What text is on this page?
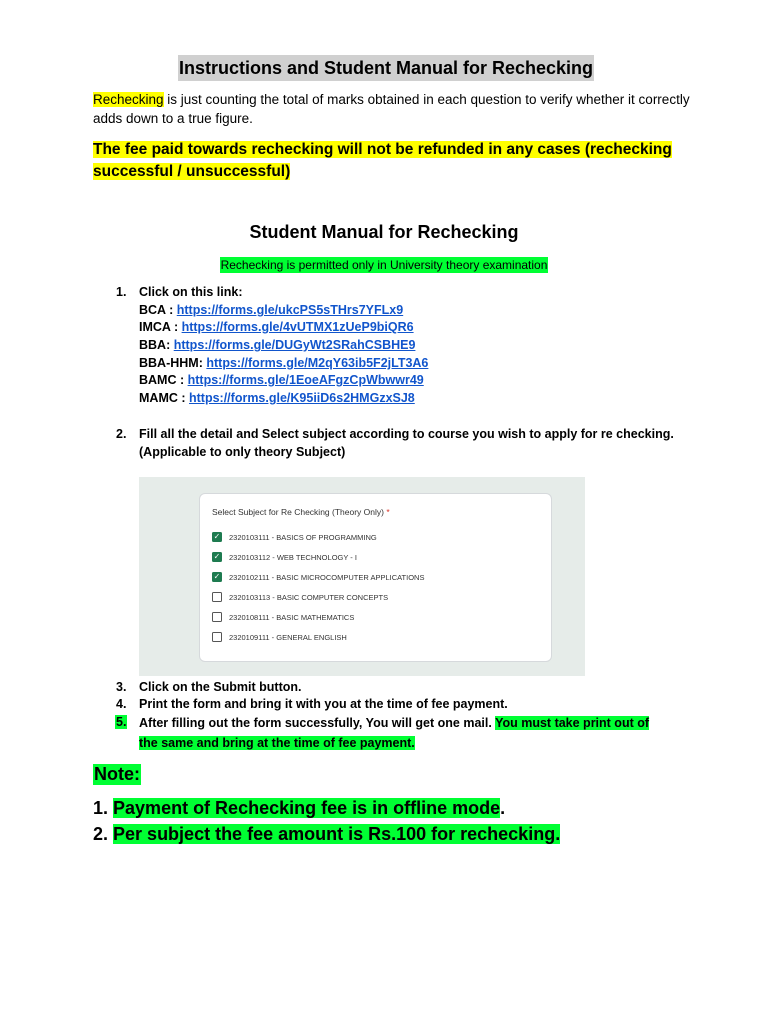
Instructions and Student Manual for Rechecking
Rechecking is just counting the total of marks obtained in each question to verify whether it correctly adds down to a true figure.
The fee paid towards rechecking will not be refunded in any cases (rechecking successful / unsuccessful)
Student Manual for Rechecking
Rechecking is permitted only in University theory examination
1. Click on this link:
BCA : https://forms.gle/ukcPS5sTHrs7YFLx9
IMCA : https://forms.gle/4vUTMX1zUeP9biQR6
BBA: https://forms.gle/DUGyWt2SRahCSBHE9
BBA-HHM: https://forms.gle/M2qY63ib5F2jLT3A6
BAMC : https://forms.gle/1EoeAFgzCpWbwwr49
MAMC : https://forms.gle/K95iiD6s2HMGzxSJ8
2. Fill all the detail and Select subject according to course you wish to apply for re checking.
(Applicable to only theory Subject)
Select Subject for Re Checking (Theory Only) *
✓ 2320103111 - BASICS OF PROGRAMMING
✓ 2320103112 - WEB TECHNOLOGY - I
✓ 2320102111 - BASIC MICROCOMPUTER APPLICATIONS
2320103113 - BASIC COMPUTER CONCEPTS
2320108111 - BASIC MATHEMATICS
2320109111 - GENERAL ENGLISH
3. Click on the Submit button.
4. Print the form and bring it with you at the time of fee payment.
5. After filling out the form successfully, You will get one mail. You must take print out of the same and bring at the time of fee payment.
Note:
1. Payment of Rechecking fee is in offline mode.
2. Per subject the fee amount is Rs.100 for rechecking.
